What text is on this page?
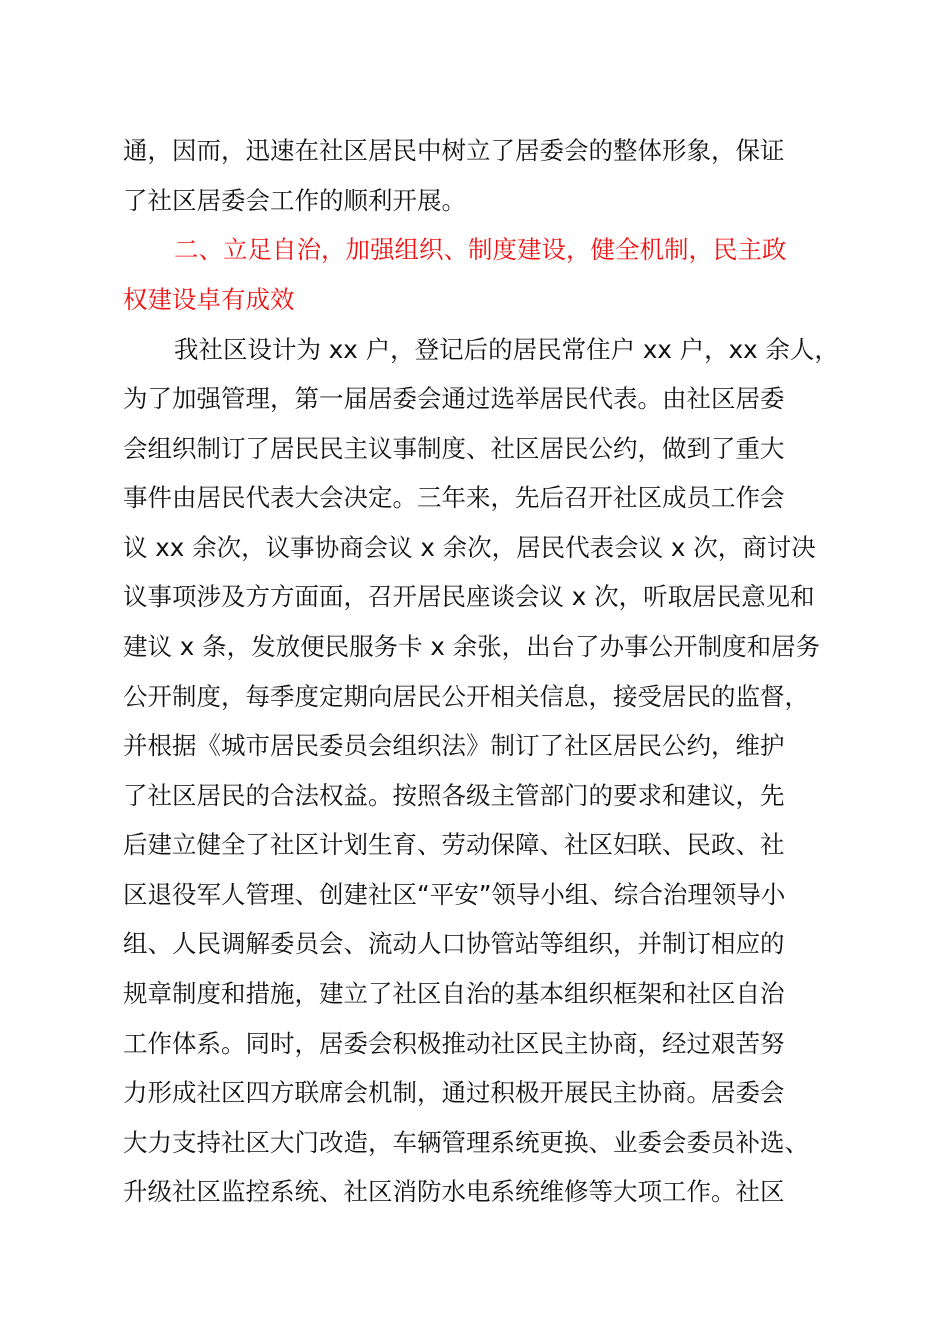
通，因而，迅速在社区居民中树立了居委会的整体形象，保证
了社区居委会工作的顺利开展。
二、立足自治，加强组织、制度建设，健全机制，民主政
权建设卓有成效
我社区设计为 xx 户，登记后的居民常住户 xx 户，xx 余人，
为了加强管理，第一届居委会通过选举居民代表。由社区居委
会组织制订了居民民主议事制度、社区居民公约，做到了重大
事件由居民代表大会决定。三年来，先后召开社区成员工作会
议 xx 余次，议事协商会议 x 余次，居民代表会议 x 次，商讨决
议事项涉及方方面面，召开居民座谈会议 x 次，听取居民意见和
建议 x 条，发放便民服务卡 x 余张，出台了办事公开制度和居务
公开制度，每季度定期向居民公开相关信息，接受居民的监督，
并根据《城市居民委员会组织法》制订了社区居民公约，维护
了社区居民的合法权益。按照各级主管部门的要求和建议，先
后建立健全了社区计划生育、劳动保障、社区妇联、民政、社
区退役军人管理、创建社区“平安”领导小组、综合治理领导小
组、人民调解委员会、流动人口协管站等组织，并制订相应的
规章制度和措施，建立了社区自治的基本组织框架和社区自治
工作体系。同时，居委会积极推动社区民主协商，经过艰苦努
力形成社区四方联席会机制，通过积极开展民主协商。居委会
大力支持社区大门改造，车辆管理系统更换、业委会委员补选、
升级社区监控系统、社区消防水电系统维修等大项工作。社区
